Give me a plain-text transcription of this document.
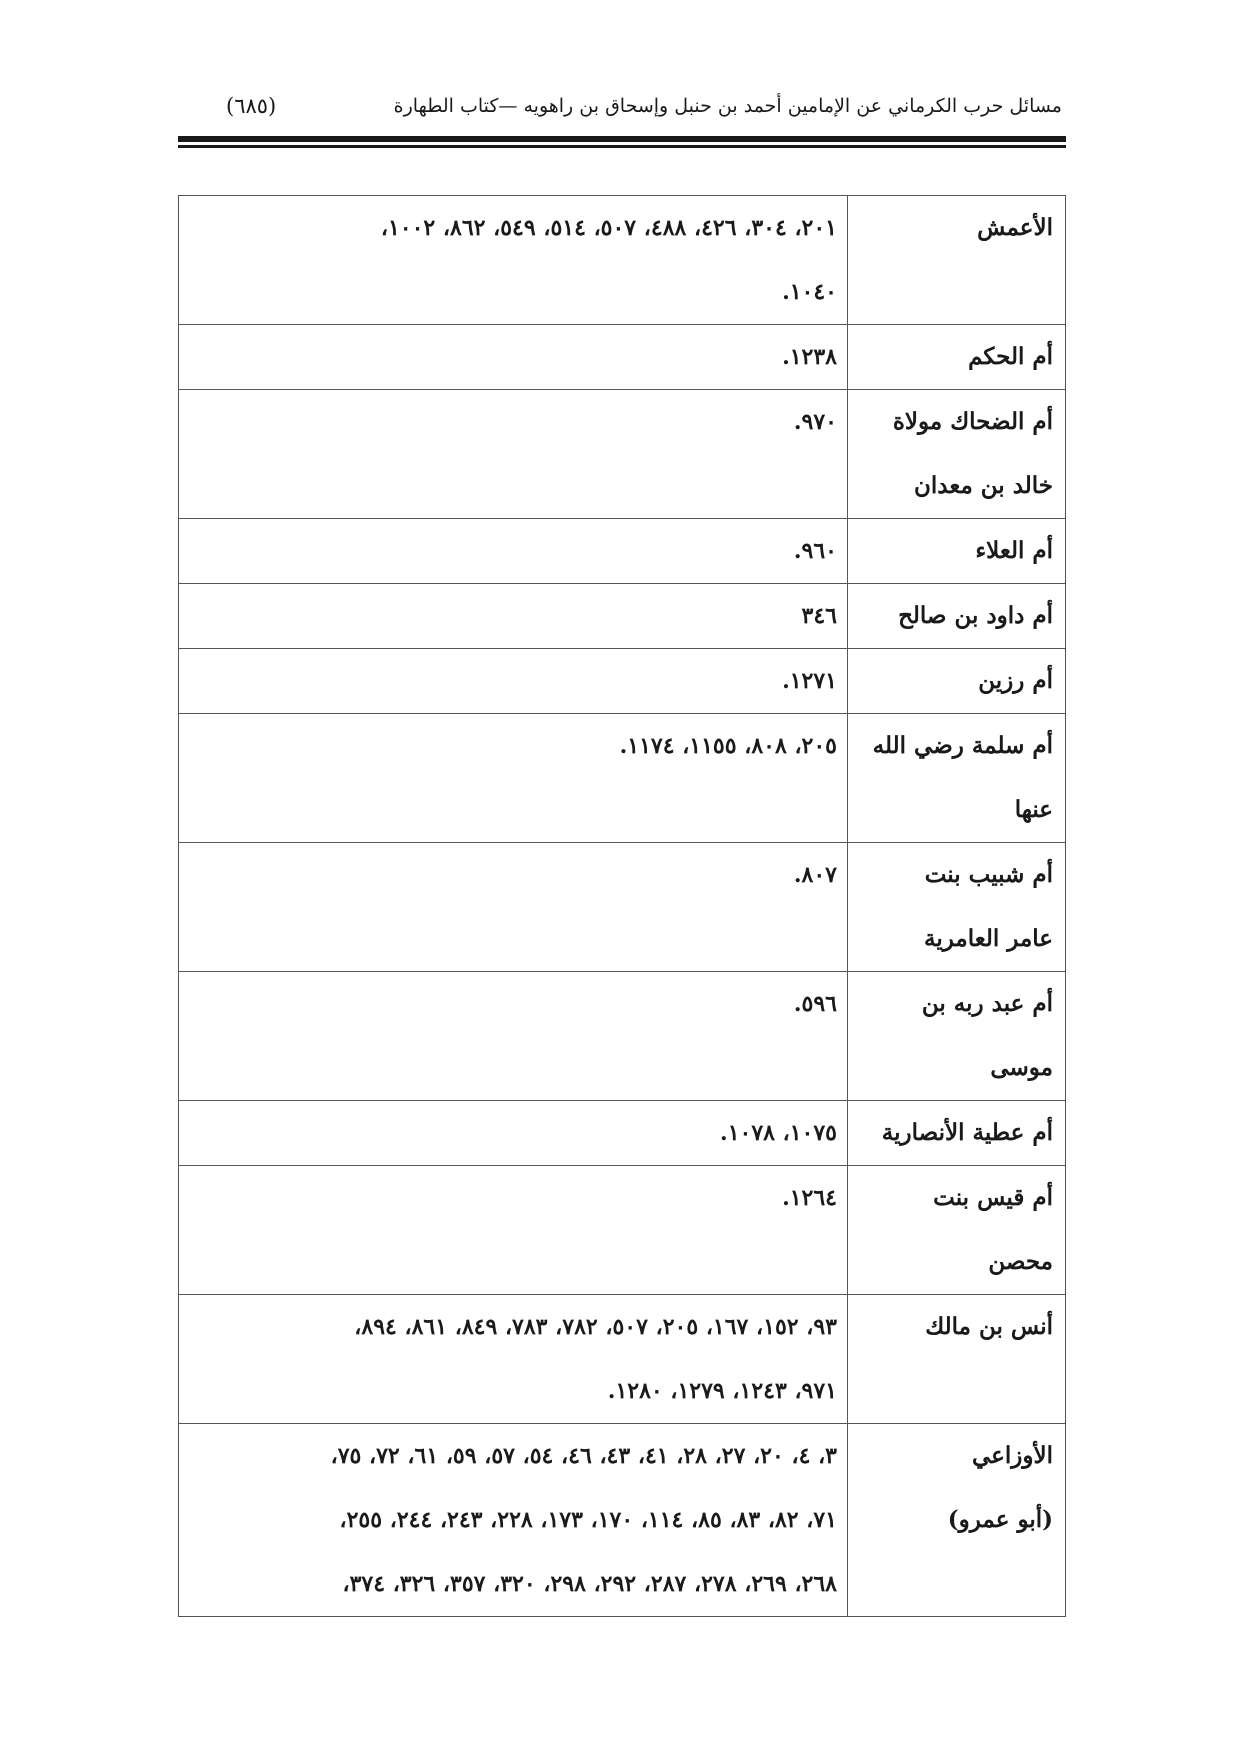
مسائل حرب الكرماني عن الإمامين أحمد بن حنبل وإسحاق بن راهويه —كتاب الطهارة
(٦٨٥)
الأعمش	٢٠١، ٣٠٤، ٤٢٦، ٤٨٨، ٥٠٧، ٥١٤، ٥٤٩، ٨٦٢، ١٠٠٢،
١٠٤٠.

أم الحكم	١٢٣٨.

أم الضحاك مولاة
خالد بن معدان	٩٧٠.

أم العلاء	٩٦٠.

أم داود بن صالح	٣٤٦

أم رزين	١٢٧١.

أم سلمة رضي الله
عنها	٢٠٥، ٨٠٨، ١١٥٥، ١١٧٤.

أم شبيب بنت
عامر العامرية	٨٠٧.

أم عبد ربه بن
موسى	٥٩٦.

أم عطية الأنصارية	١٠٧٥، ١٠٧٨.

أم قيس بنت
محصن	١٢٦٤.

أنس بن مالك	٩٣، ١٥٢، ١٦٧، ٢٠٥، ٥٠٧، ٧٨٢، ٧٨٣، ٨٤٩، ٨٦١، ٨٩٤،
٩٧١، ١٢٤٣، ١٢٧٩، ١٢٨٠.

الأوزاعي
(أبو عمرو)	٣، ٤، ٢٠، ٢٧، ٢٨، ٤١، ٤٣، ٤٦، ٥٤، ٥٧، ٥٩، ٦١، ٧٢، ٧٥،
٧١، ٨٢، ٨٣، ٨٥، ١١٤، ١٧٠، ١٧٣، ٢٢٨، ٢٤٣، ٢٤٤، ٢٥٥،
٢٦٨، ٢٦٩، ٢٧٨، ٢٨٧، ٢٩٢، ٢٩٨، ٣٢٠، ٣٥٧، ٣٢٦، ٣٧٤،
